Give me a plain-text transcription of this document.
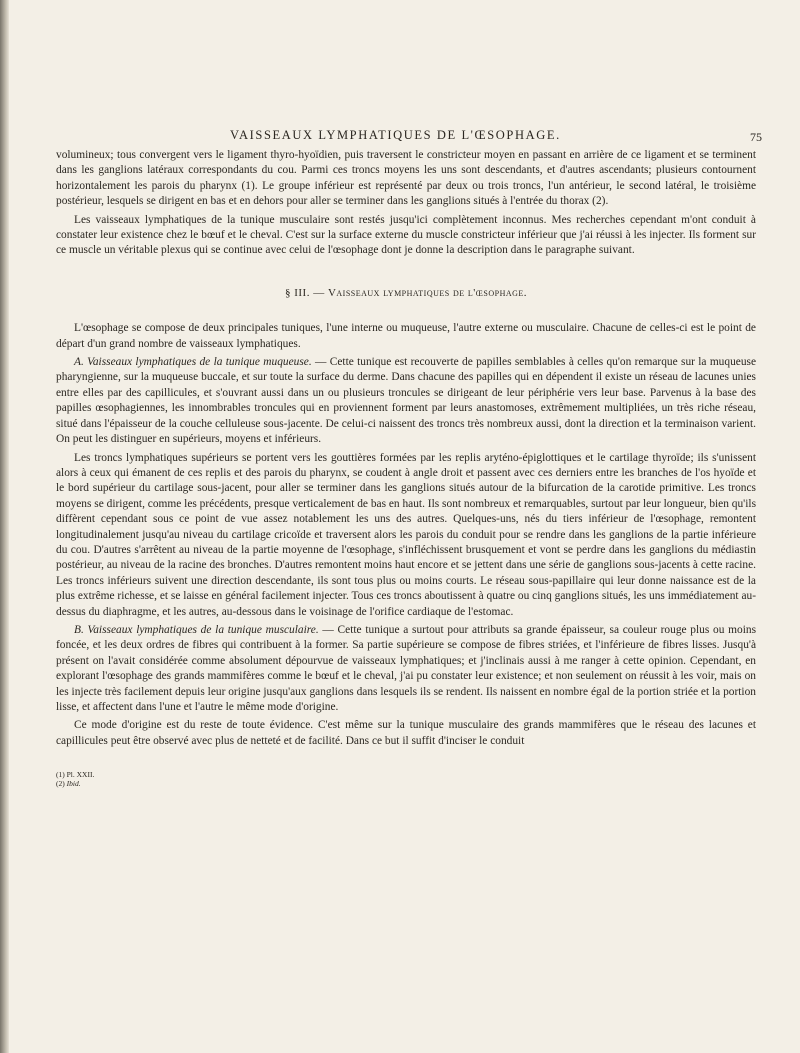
VAISSEAUX LYMPHATIQUES DE L'ŒSOPHAGE.	75

volumineux; tous convergent vers le ligament thyro-hyoïdien, puis traversent le constricteur moyen en passant en arrière de ce ligament et se terminent dans les ganglions latéraux correspondants du cou. Parmi ces troncs moyens les uns sont descendants, et d'autres ascendants; plusieurs contournent horizontalement les parois du pharynx (1). Le groupe inférieur est représenté par deux ou trois troncs, l'un antérieur, le second latéral, le troisième postérieur, lesquels se dirigent en bas et en dehors pour aller se terminer dans les ganglions situés à l'entrée du thorax (2).

Les vaisseaux lymphatiques de la tunique musculaire sont restés jusqu'ici complètement inconnus. Mes recherches cependant m'ont conduit à constater leur existence chez le bœuf et le cheval. C'est sur la surface externe du muscle constricteur inférieur que j'ai réussi à les injecter. Ils forment sur ce muscle un véritable plexus qui se continue avec celui de l'œsophage dont je donne la description dans le paragraphe suivant.

§ III. — Vaisseaux lymphatiques de l'œsophage.

L'œsophage se compose de deux principales tuniques, l'une interne ou muqueuse, l'autre externe ou musculaire. Chacune de celles-ci est le point de départ d'un grand nombre de vaisseaux lymphatiques.

A. Vaisseaux lymphatiques de la tunique muqueuse. — Cette tunique est recouverte de papilles semblables à celles qu'on remarque sur la muqueuse pharyngienne, sur la muqueuse buccale, et sur toute la surface du derme. Dans chacune des papilles qui en dépendent il existe un réseau de lacunes unies entre elles par des capillicules, et s'ouvrant aussi dans un ou plusieurs troncules se dirigeant de leur périphérie vers leur base. Parvenus à la base des papilles œsophagiennes, les innombrables troncules qui en proviennent forment par leurs anastomoses, extrêmement multipliées, un très riche réseau, situé dans l'épaisseur de la couche celluleuse sous-jacente. De celui-ci naissent des troncs très nombreux aussi, dont la direction et la terminaison varient. On peut les distinguer en supérieurs, moyens et inférieurs.

Les troncs lymphatiques supérieurs se portent vers les gouttières formées par les replis aryténo-épiglottiques et le cartilage thyroïde; ils s'unissent alors à ceux qui émanent de ces replis et des parois du pharynx, se coudent à angle droit et passent avec ces derniers entre les branches de l'os hyoïde et le bord supérieur du cartilage sous-jacent, pour aller se terminer dans les ganglions situés autour de la bifurcation de la carotide primitive. Les troncs moyens se dirigent, comme les précédents, presque verticalement de bas en haut. Ils sont nombreux et remarquables, surtout par leur longueur, bien qu'ils diffèrent cependant sous ce point de vue assez notablement les uns des autres. Quelques-uns, nés du tiers inférieur de l'œsophage, remontent longitudinalement jusqu'au niveau du cartilage cricoïde et traversent alors les parois du conduit pour se rendre dans les ganglions de la partie inférieure du cou. D'autres s'arrêtent au niveau de la partie moyenne de l'œsophage, s'infléchissent brusquement et vont se perdre dans les ganglions du médiastin postérieur, au niveau de la racine des bronches. D'autres remontent moins haut encore et se jettent dans une série de ganglions sous-jacents à cette racine. Les troncs inférieurs suivent une direction descendante, ils sont tous plus ou moins courts. Le réseau sous-papillaire qui leur donne naissance est de la plus extrême richesse, et se laisse en général facilement injecter. Tous ces troncs aboutissent à quatre ou cinq ganglions situés, les uns immédiatement au-dessus du diaphragme, et les autres, au-dessous dans le voisinage de l'orifice cardiaque de l'estomac.

B. Vaisseaux lymphatiques de la tunique musculaire. — Cette tunique a surtout pour attributs sa grande épaisseur, sa couleur rouge plus ou moins foncée, et les deux ordres de fibres qui contribuent à la former. Sa partie supérieure se compose de fibres striées, et l'inférieure de fibres lisses. Jusqu'à présent on l'avait considérée comme absolument dépourvue de vaisseaux lymphatiques; et j'inclinais aussi à me ranger à cette opinion. Cependant, en explorant l'œsophage des grands mammifères comme le bœuf et le cheval, j'ai pu constater leur existence; et non seulement on réussit à les voir, mais on les injecte très facilement depuis leur origine jusqu'aux ganglions dans lesquels ils se rendent. Ils naissent en nombre égal de la portion striée et la portion lisse, et affectent dans l'une et l'autre le même mode d'origine.

Ce mode d'origine est du reste de toute évidence. C'est même sur la tunique musculaire des grands mammifères que le réseau des lacunes et capillicules peut être observé avec plus de netteté et de facilité. Dans ce but il suffit d'inciser le conduit

(1) Pl. XXII.
(2) Ibid.
